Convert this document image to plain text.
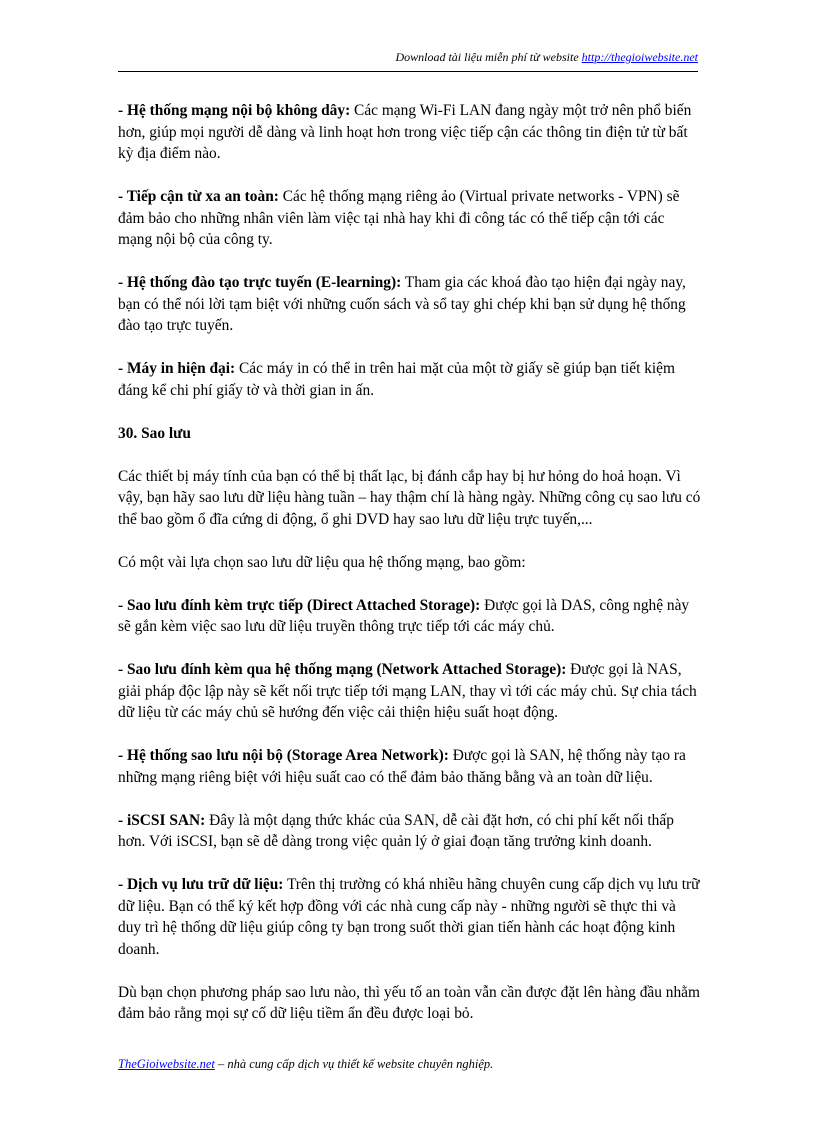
Download tài liệu miễn phí từ website http://thegioiwebsite.net

- Hệ thống mạng nội bộ không dây: Các mạng Wi-Fi LAN đang ngày một trở nên phổ biến hơn, giúp mọi người dễ dàng và linh hoạt hơn trong việc tiếp cận các thông tin điện tử từ bất kỳ địa điểm nào.

- Tiếp cận từ xa an toàn: Các hệ thống mạng riêng ảo (Virtual private networks - VPN) sẽ đảm bảo cho những nhân viên làm việc tại nhà hay khi đi công tác có thể tiếp cận tới các mạng nội bộ của công ty.

- Hệ thống đào tạo trực tuyến (E-learning): Tham gia các khoá đào tạo hiện đại ngày nay, bạn có thể nói lời tạm biệt với những cuốn sách và sổ tay ghi chép khi bạn sử dụng hệ thống đào tạo trực tuyến.

- Máy in hiện đại: Các máy in có thể in trên hai mặt của một tờ giấy sẽ giúp bạn tiết kiệm đáng kể chi phí giấy tờ và thời gian in ấn.

30. Sao lưu

Các thiết bị máy tính của bạn có thể bị thất lạc, bị đánh cắp hay bị hư hỏng do hoả hoạn. Vì vậy, bạn hãy sao lưu dữ liệu hàng tuần – hay thậm chí là hàng ngày. Những công cụ sao lưu có thể bao gồm ổ đĩa cứng di động, ổ ghi DVD hay sao lưu dữ liệu trực tuyến,...

Có một vài lựa chọn sao lưu dữ liệu qua hệ thống mạng, bao gồm:

- Sao lưu đính kèm trực tiếp (Direct Attached Storage): Được gọi là DAS, công nghệ này sẽ gắn kèm việc sao lưu dữ liệu truyền thông trực tiếp tới các máy chủ.

- Sao lưu đính kèm qua hệ thống mạng (Network Attached Storage): Được gọi là NAS, giải pháp độc lập này sẽ kết nối trực tiếp tới mạng LAN, thay vì tới các máy chủ. Sự chia tách dữ liệu từ các máy chủ sẽ hướng đến việc cải thiện hiệu suất hoạt động.

- Hệ thống sao lưu nội bộ (Storage Area Network): Được gọi là SAN, hệ thống này tạo ra những mạng riêng biệt với hiệu suất cao có thể đảm bảo thăng bằng và an toàn dữ liệu.

- iSCSI SAN: Đây là một dạng thức khác của SAN, dễ cài đặt hơn, có chi phí kết nối thấp hơn. Với iSCSI, bạn sẽ dễ dàng trong việc quản lý ở giai đoạn tăng trưởng kinh doanh.

- Dịch vụ lưu trữ dữ liệu: Trên thị trường có khá nhiều hãng chuyên cung cấp dịch vụ lưu trữ dữ liệu. Bạn có thể ký kết hợp đồng với các nhà cung cấp này - những người sẽ thực thi và duy trì hệ thống dữ liệu giúp công ty bạn trong suốt thời gian tiến hành các hoạt động kinh doanh.

Dù bạn chọn phương pháp sao lưu nào, thì yếu tố an toàn vẫn cần được đặt lên hàng đầu nhằm đảm bảo rằng mọi sự cố dữ liệu tiềm ẩn đều được loại bỏ.

TheGioiwebsite.net – nhà cung cấp dịch vụ thiết kế website chuyên nghiệp.
